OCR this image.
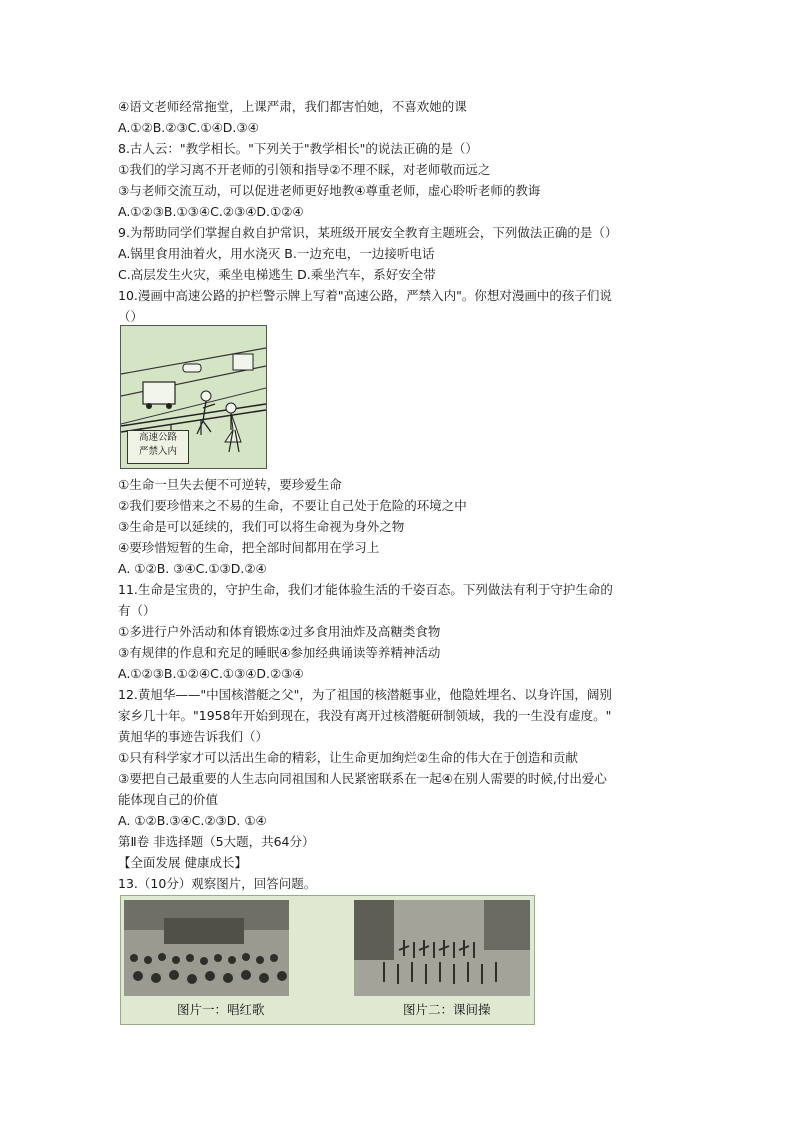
④语文老师经常拖堂，上课严肃，我们都害怕她，不喜欢她的课
A.①②B.②③C.①④D.③④
8.古人云："教学相长。"下列关于"教学相长"的说法正确的是（）
①我们的学习离不开老师的引领和指导②不理不睬，对老师敬而远之
③与老师交流互动，可以促进老师更好地教④尊重老师，虚心聆听老师的教诲
A.①②③B.①③④C.②③④D.①②④
9.为帮助同学们掌握自救自护常识，某班级开展安全教育主题班会，下列做法正确的是（）
A.锅里食用油着火，用水浇灭 B.一边充电，一边接听电话
C.高层发生火灾，乘坐电梯逃生 D.乘坐汽车，系好安全带
10.漫画中高速公路的护栏警示牌上写着"高速公路，严禁入内"。你想对漫画中的孩子们说
（）
①生命一旦失去便不可逆转，要珍爱生命
②我们要珍惜来之不易的生命，不要让自己处于危险的环境之中
③生命是可以延续的，我们可以将生命视为身外之物
④要珍惜短暂的生命，把全部时间都用在学习上
A. ①②B. ③④C.①③D.②④
11.生命是宝贵的，守护生命，我们才能体验生活的千姿百态。下列做法有利于守护生命的
有（）
①多进行户外活动和体育锻炼②过多食用油炸及高糖类食物
③有规律的作息和充足的睡眠④参加经典诵读等养精神活动
A.①②③B.①②④C.①③④D.②③④
12.黄旭华——"中国核潜艇之父"，为了祖国的核潜艇事业，他隐姓埋名、以身许国，阔别
家乡几十年。"1958年开始到现在，我没有离开过核潜艇研制领域，我的一生没有虚度。"
黄旭华的事迹告诉我们（）
①只有科学家才可以活出生命的精彩，让生命更加绚烂②生命的伟大在于创造和贡献
③要把自己最重要的人生志向同祖国和人民紧密联系在一起④在别人需要的时候,付出爱心
能体现自己的价值
A. ①②B.③④C.②③D. ①④
第Ⅱ卷 非选择题（5大题，共64分）
【全面发展 健康成长】
13.（10分）观察图片，回答问题。
高速公路
严禁入内
图片一：唱红歌	图片二：课间操
